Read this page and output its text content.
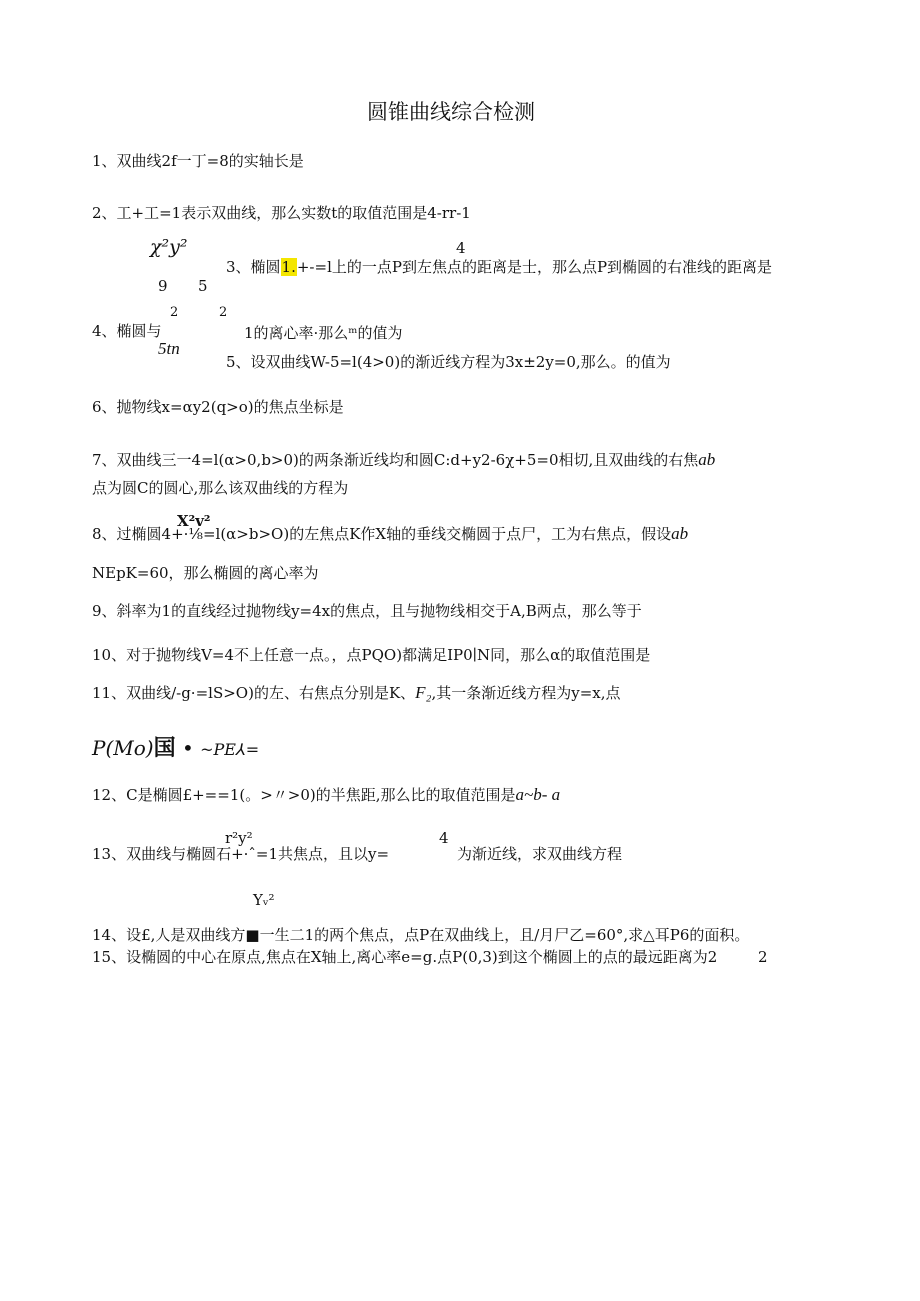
圆锥曲线综合检测
1、双曲线2f一丁=8的实轴长是
2、工+工=1表示双曲线，那么实数t的取值范围是4-rr-1
χ²y²	4
3、椭圆1.+-=l上的一点P到左焦点的距离是士，那么点P到椭圆的右准线的距离是
9 5
2	2
4、椭圆与	1的离心率·那么ᵐ的值为
5tn
5、设双曲线W-5=l(4>0)的渐近线方程为3x±2y=0,那么。的值为
6、抛物线x=αy2(q>o)的焦点坐标是
7、双曲线三一4=l(α>0,b>0)的两条渐近线均和圆C:d+y2-6χ+5=0相切,且双曲线的右焦ab
点为圆C的圆心,那么该双曲线的方程为
X²v²
8、过椭圆4+·⅛=l(α>b>O)的左焦点K作X轴的垂线交椭圆于点尸，工为右焦点，假设ab
NEpK=60，那么椭圆的离心率为
9、斜率为1的直线经过抛物线y=4x的焦点，且与抛物线相交于A,B两点，那么等于
10、对于抛物线V=4不上任意一点。，点PQO)都满足IP0∣N同，那么α的取值范围是
11、双曲线/-g·=lS>O)的左、右焦点分别是K、F₂,其一条渐近线方程为y=x,点
P(Mo)国 • ~PE⅄=
12、C是椭圆£+==1(。>〃>0)的半焦距,那么比的取值范围是a~b- a
r²y²	4
13、双曲线与椭圆石+·ˆ=1共焦点，且以y=	为渐近线，求双曲线方程
Yᵥ²
14、设£,人是双曲线方■一生二1的两个焦点，点P在双曲线上，且/月尸乙=60°,求△耳P6的面积。
15、设椭圆的中心在原点,焦点在X轴上,离心率e=g.点P(0,3)到这个椭圆上的点的最远距离为2	2
